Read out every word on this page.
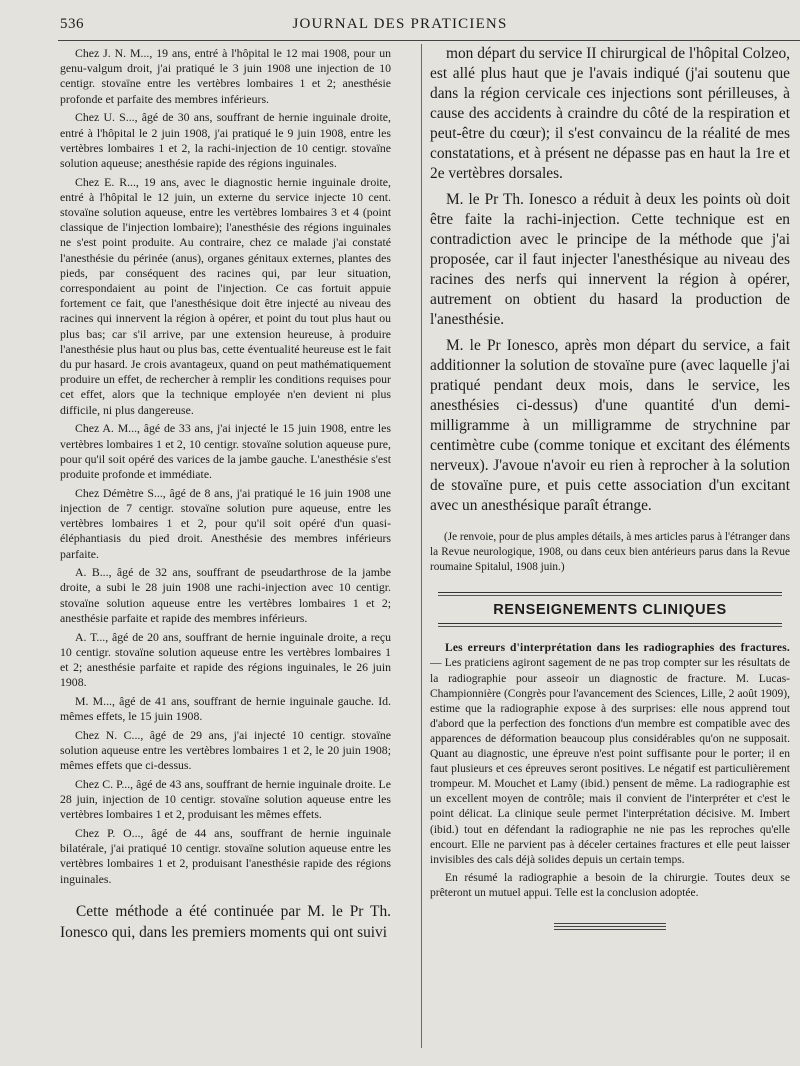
536	JOURNAL DES PRATICIENS

Chez J. N. M..., 19 ans, entré à l'hôpital le 12 mai 1908, pour un genu-valgum droit, j'ai pratiqué le 3 juin 1908 une injection de 10 centigr. stovaïne entre les vertèbres lombaires 1 et 2; anesthésie profonde et parfaite des membres inférieurs.

Chez U. S..., âgé de 30 ans, souffrant de hernie inguinale droite, entré à l'hôpital le 2 juin 1908, j'ai pratiqué le 9 juin 1908, entre les vertèbres lombaires 1 et 2, la rachi-injection de 10 centigr. stovaïne solution aqueuse; anesthésie rapide des régions inguinales.

Chez E. R..., 19 ans, avec le diagnostic hernie inguinale droite, entré à l'hôpital le 12 juin, un externe du service injecte 10 cent. stovaïne solution aqueuse, entre les vertèbres lombaires 3 et 4 (point classique de l'injection lombaire); l'anesthésie des régions inguinales ne s'est point produite. Au contraire, chez ce malade j'ai constaté l'anesthésie du périnée (anus), organes génitaux externes, plantes des pieds, par conséquent des racines qui, par leur situation, correspondaient au point de l'injection. Ce cas fortuit appuie fortement ce fait, que l'anesthésique doit être injecté au niveau des racines qui innervent la région à opérer, et point du tout plus haut ou plus bas; car s'il arrive, par une extension heureuse, à produire l'anesthésie plus haut ou plus bas, cette éventualité heureuse est le fait du pur hasard. Je crois avantageux, quand on peut mathématiquement produire un effet, de rechercher à remplir les conditions requises pour cet effet, alors que la technique employée n'en devient ni plus difficile, ni plus dangereuse.

Chez A. M..., âgé de 33 ans, j'ai injecté le 15 juin 1908, entre les vertèbres lombaires 1 et 2, 10 centigr. stovaïne solution aqueuse pure, pour qu'il soit opéré des varices de la jambe gauche. L'anesthésie s'est produite profonde et immédiate.

Chez Démètre S..., âgé de 8 ans, j'ai pratiqué le 16 juin 1908 une injection de 7 centigr. stovaïne solution pure aqueuse, entre les vertèbres lombaires 1 et 2, pour qu'il soit opéré d'un quasi-éléphantiasis du pied droit. Anesthésie des membres inférieurs parfaite.

A. B..., âgé de 32 ans, souffrant de pseudarthrose de la jambe droite, a subi le 28 juin 1908 une rachi-injection avec 10 centigr. stovaïne solution aqueuse entre les vertèbres lombaires 1 et 2; anesthésie parfaite et rapide des membres inférieurs.

A. T..., âgé de 20 ans, souffrant de hernie inguinale droite, a reçu 10 centigr. stovaïne solution aqueuse entre les vertèbres lombaires 1 et 2; anesthésie parfaite et rapide des régions inguinales, le 26 juin 1908.

M. M..., âgé de 41 ans, souffrant de hernie inguinale gauche. Id. mêmes effets, le 15 juin 1908.

Chez N. C..., âgé de 29 ans, j'ai injecté 10 centigr. stovaïne solution aqueuse entre les vertèbres lombaires 1 et 2, le 20 juin 1908; mêmes effets que ci-dessus.

Chez C. P..., âgé de 43 ans, souffrant de hernie inguinale droite. Le 28 juin, injection de 10 centigr. stovaïne solution aqueuse entre les vertèbres lombaires 1 et 2, produisant les mêmes effets.

Chez P. O..., âgé de 44 ans, souffrant de hernie inguinale bilatérale, j'ai pratiqué 10 centigr. stovaïne solution aqueuse entre les vertèbres lombaires 1 et 2, produisant l'anesthésie rapide des régions inguinales.

Cette méthode a été continuée par M. le Pr Th. Ionesco qui, dans les premiers moments qui ont suivi

mon départ du service II chirurgical de l'hôpital Colzeo, est allé plus haut que je l'avais indiqué (j'ai soutenu que dans la région cervicale ces injections sont périlleuses, à cause des accidents à craindre du côté de la respiration et peut-être du cœur); il s'est convaincu de la réalité de mes constatations, et à présent ne dépasse pas en haut la 1re et 2e vertèbres dorsales.

M. le Pr Th. Ionesco a réduit à deux les points où doit être faite la rachi-injection. Cette technique est en contradiction avec le principe de la méthode que j'ai proposée, car il faut injecter l'anesthésique au niveau des racines des nerfs qui innervent la région à opérer, autrement on obtient du hasard la production de l'anesthésie.

M. le Pr Ionesco, après mon départ du service, a fait additionner la solution de stovaïne pure (avec laquelle j'ai pratiqué pendant deux mois, dans le service, les anesthésies ci-dessus) d'une quantité d'un demi-milligramme à un milligramme de strychnine par centimètre cube (comme tonique et excitant des éléments nerveux). J'avoue n'avoir eu rien à reprocher à la solution de stovaïne pure, et puis cette association d'un excitant avec un anesthésique paraît étrange.

(Je renvoie, pour de plus amples détails, à mes articles parus à l'étranger dans la Revue neurologique, 1908, ou dans ceux bien antérieurs parus dans la Revue roumaine Spitalul, 1908 juin.)

RENSEIGNEMENTS CLINIQUES

Les erreurs d'interprétation dans les radiographies des fractures. — Les praticiens agiront sagement de ne pas trop compter sur les résultats de la radiographie pour asseoir un diagnostic de fracture. M. Lucas-Championnière (Congrès pour l'avancement des Sciences, Lille, 2 août 1909), estime que la radiographie expose à des surprises: elle nous apprend tout d'abord que la perfection des fonctions d'un membre est compatible avec des apparences de déformation beaucoup plus considérables qu'on ne supposait. Quant au diagnostic, une épreuve n'est point suffisante pour le porter; il en faut plusieurs et ces épreuves seront positives. Le négatif est particulièrement trompeur. M. Mouchet et Lamy (ibid.) pensent de même. La radiographie est un excellent moyen de contrôle; mais il convient de l'interpréter et c'est le point délicat. La clinique seule permet l'interprétation décisive. M. Imbert (ibid.) tout en défendant la radiographie ne nie pas les reproches qu'elle encourt. Elle ne parvient pas à déceler certaines fractures et elle peut laisser invisibles des cals déjà solides depuis un certain temps.

En résumé la radiographie a besoin de la chirurgie. Toutes deux se prêteront un mutuel appui. Telle est la conclusion adoptée.
